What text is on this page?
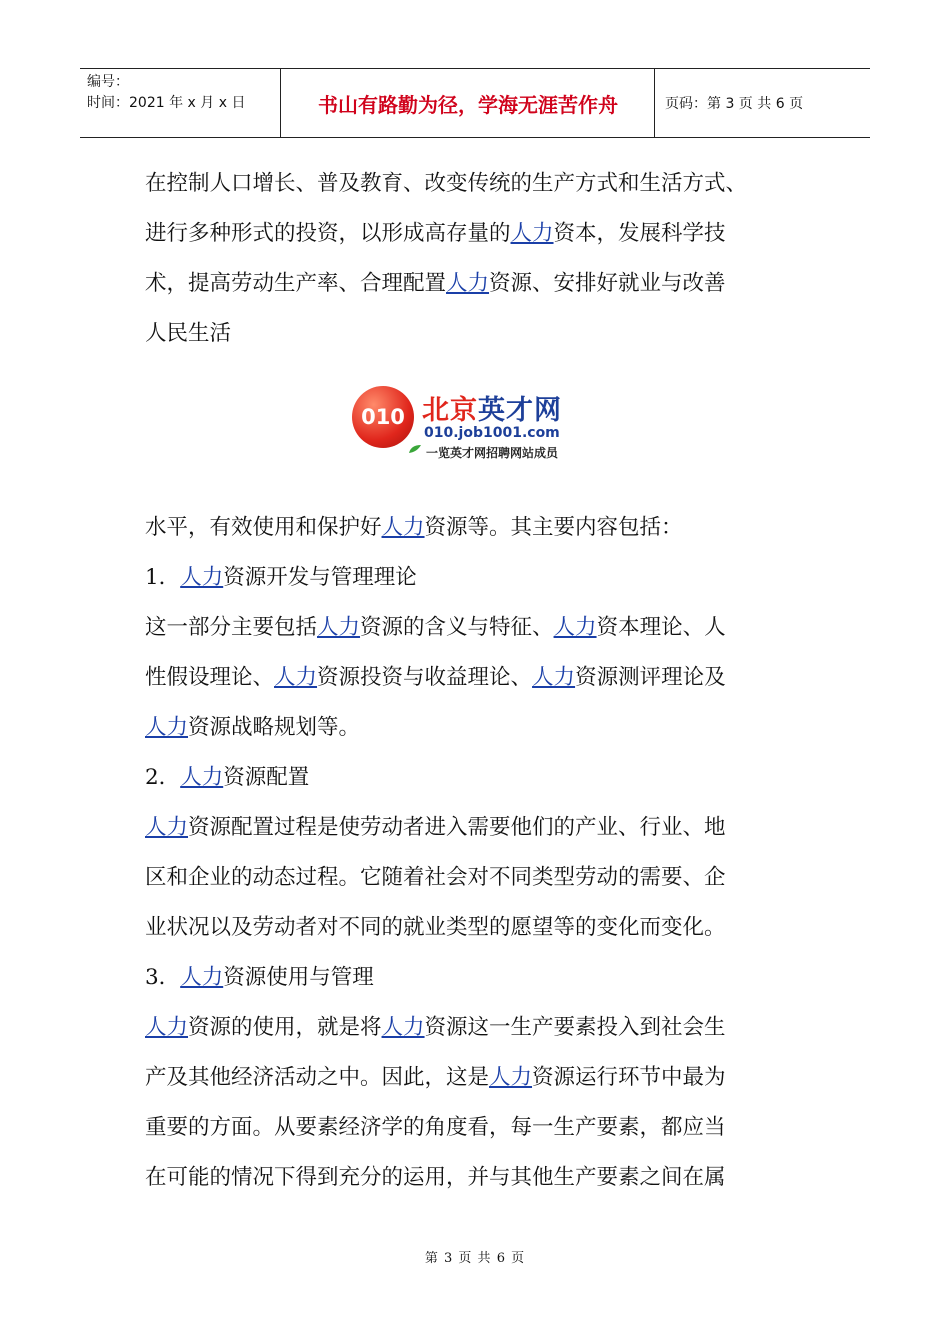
编号：
时间：2021 年 x 月 x 日	书山有路勤为径，学海无涯苦作舟	页码：第 3 页 共 6 页

在控制人口增长、普及教育、改变传统的生产方式和生活方式、

进行多种形式的投资，以形成高存量的人力资本，发展科学技

术，提高劳动生产率、合理配置人力资源、安排好就业与改善

人民生活

010 北京英才网
010.job1001.com
一览英才网招聘网站成员

水平，有效使用和保护好人力资源等。其主要内容包括：

1．人力资源开发与管理理论

这一部分主要包括人力资源的含义与特征、人力资本理论、人

性假设理论、人力资源投资与收益理论、人力资源测评理论及

人力资源战略规划等。

2．人力资源配置

人力资源配置过程是使劳动者进入需要他们的产业、行业、地

区和企业的动态过程。它随着社会对不同类型劳动的需要、企

业状况以及劳动者对不同的就业类型的愿望等的变化而变化。

3．人力资源使用与管理

人力资源的使用，就是将人力资源这一生产要素投入到社会生

产及其他经济活动之中。因此，这是人力资源运行环节中最为

重要的方面。从要素经济学的角度看，每一生产要素，都应当

在可能的情况下得到充分的运用，并与其他生产要素之间在属

第 3 页 共 6 页
